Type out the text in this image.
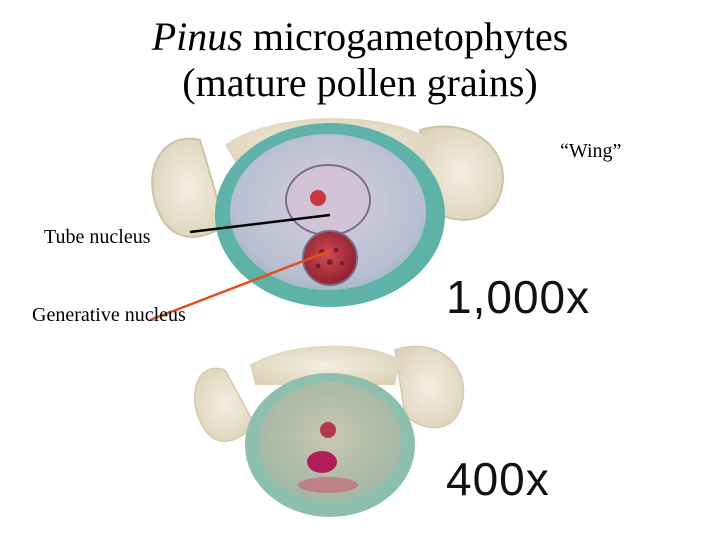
Pinus microgametophytes
(mature pollen grains)
“Wing”
Tube nucleus
Generative nucleus	1,000x
400x
